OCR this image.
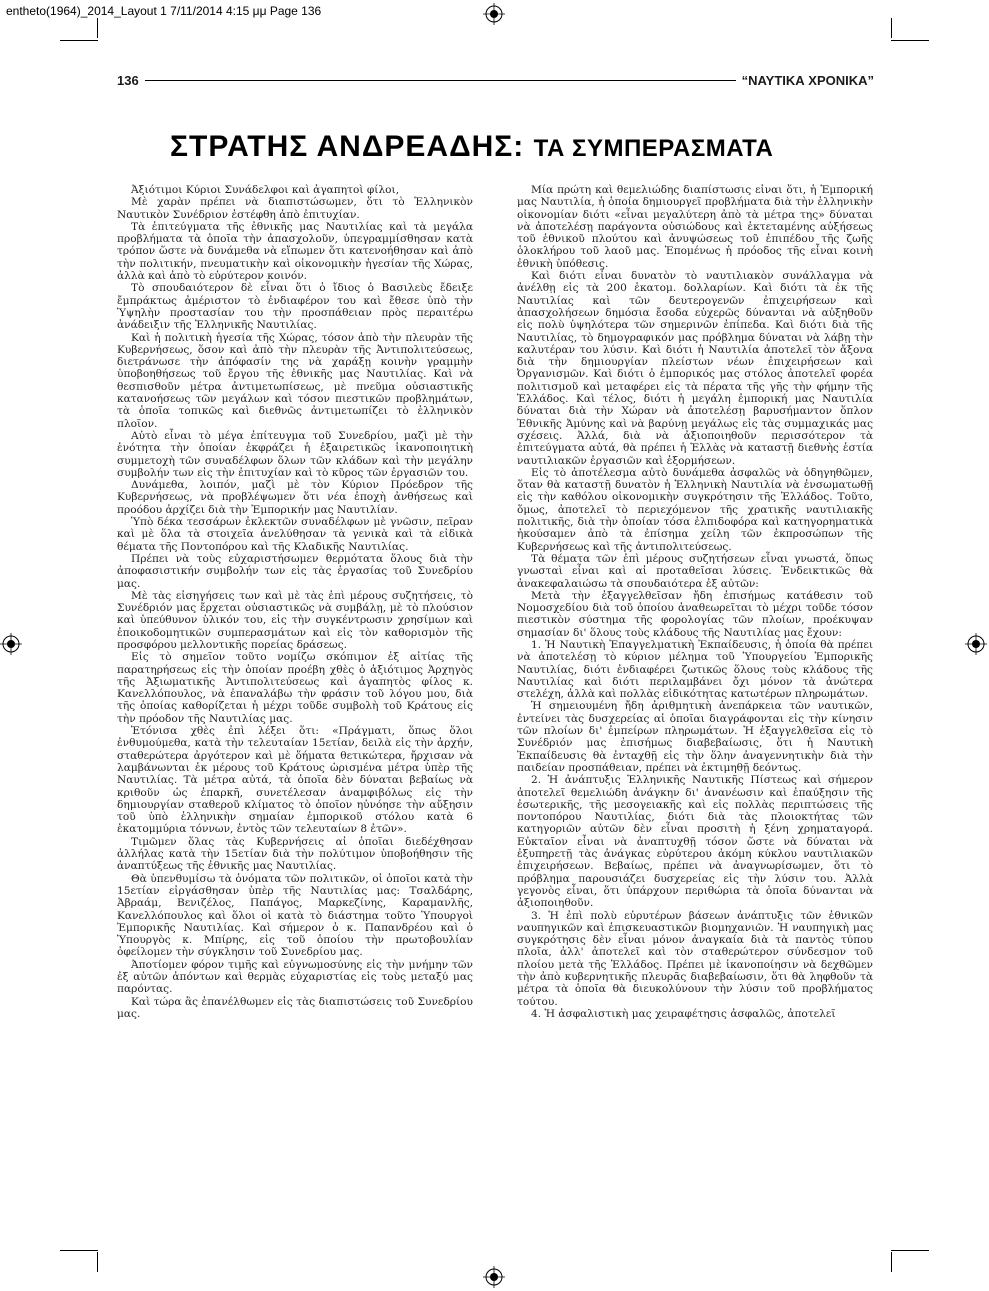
entheto(1964)_2014_Layout 1 7/11/2014 4:15 μμ Page 136
136	“ΝΑΥΤΙΚΑ ΧΡΟΝΙΚΑ”
ΣΤΡΑΤΗΣ ΑΝΔΡΕΑΔΗΣ: ΤΑ ΣΥΜΠΕΡΑΣΜΑΤΑ

Ἀξιότιμοι Κύριοι Συνάδελφοι καὶ ἀγαπητοὶ φίλοι,

Μὲ χαρὰν πρέπει νὰ διαπιστώσωμεν, ὅτι τὸ Ἑλληνικὸν Ναυτικὸν Συνέδριον ἐστέφθη ἀπὸ ἐπιτυχίαν.

Τὰ ἐπιτεύγματα τῆς ἐθνικῆς μας Ναυτιλίας καὶ τὰ μεγάλα προβλήματα τὰ ὁποῖα τὴν ἀπασχολοῦν, ὑπεγραμμίσθησαν κατὰ τρόπον ὥστε νὰ δυνάμεθα νὰ εἴπωμεν ὅτι κατενοήθησαν καὶ ἀπὸ τὴν πολιτικήν, πνευματικὴν καὶ οἰκονομικὴν ἡγεσίαν τῆς Χώρας, ἀλλὰ καὶ ἀπὸ τὸ εὐρύτερον κοινόν.

Τὸ σπουδαιότερον δὲ εἶναι ὅτι ὁ ἴδιος ὁ Βασιλεὺς ἔδειξε ἔμπράκτως ἀμέριστον τὸ ἐνδιαφέρον του καὶ ἔθεσε ὑπὸ τὴν Ὑψηλὴν προστασίαν του τὴν προσπάθειαν πρὸς περαιτέρω ἀνάδειξιν τῆς Ἑλληνικῆς Ναυτιλίας.

Καὶ ἡ πολιτικὴ ἡγεσία τῆς Χώρας, τόσον ἀπὸ τὴν πλευρὰν τῆς Κυβερνήσεως, ὅσον καὶ ἀπὸ τὴν πλευρὰν τῆς Ἀντιπολιτεύσεως, διετράνωσε τὴν ἀπόφασίν της νὰ χαράξῃ κοινὴν γραμμὴν ὑποβοηθήσεως τοῦ ἔργου τῆς ἐθνικῆς μας Ναυτιλίας. Καὶ νὰ θεσπισθοῦν μέτρα ἀντιμετωπίσεως, μὲ πνεῦμα οὐσιαστικῆς κατανοήσεως τῶν μεγάλων καὶ τόσον πιεστικῶν προβλημάτων, τὰ ὁποῖα τοπικῶς καὶ διεθνῶς ἀντιμετωπίζει τὸ ἑλληνικὸν πλοῖον.

Αὐτὸ εἶναι τὸ μέγα ἐπίτευγμα τοῦ Συνεδρίου, μαζὶ μὲ τὴν ἑνότητα τὴν ὁποίαν ἐκφράζει ἡ ἐξαιρετικῶς ἱκανοποιητικὴ συμμετοχὴ τῶν συναδέλφων ὅλων τῶν κλάδων καὶ τὴν μεγάλην συμβολήν των εἰς τὴν ἐπιτυχίαν καὶ τὸ κῦρος τῶν ἐργασιῶν του.

Δυνάμεθα, λοιπόν, μαζὶ μὲ τὸν Κύριον Πρόεδρον τῆς Κυβερνήσεως, νὰ προβλέψωμεν ὅτι νέα ἐποχὴ ἀνθήσεως καὶ προόδου ἀρχίζει διὰ τὴν Ἐμπορικήν μας Ναυτιλίαν.

Ὑπὸ δέκα τεσσάρων ἐκλεκτῶν συναδέλφων μὲ γνῶσιν, πεῖραν καὶ μὲ ὅλα τὰ στοιχεῖα ἀνελύθησαν τὰ γενικὰ καὶ τὰ εἰδικὰ θέματα τῆς Ποντοπόρου καὶ τῆς Κλαδικῆς Ναυτιλίας.

Πρέπει νὰ τοὺς εὐχαριστήσωμεν θερμότατα ὅλους διὰ τὴν ἀποφασιστικήν συμβολήν των εἰς τὰς ἐργασίας τοῦ Συνεδρίου μας.

Μὲ τὰς εἰσηγήσεις των καὶ μὲ τὰς ἐπὶ μέρους συζητήσεις, τὸ Συνέδριόν μας ἔρχεται οὐσιαστικῶς νὰ συμβάλῃ, μὲ τὸ πλούσιον καὶ ὑπεύθυνον ὑλικόν του, εἰς τὴν συγκέντρωσιν χρησίμων καὶ ἐποικοδομητικῶν συμπερασμάτων καὶ εἰς τὸν καθορισμὸν τῆς προσφόρου μελλοντικῆς πορείας δράσεως.

Εἰς τὸ σημεῖον τοῦτο νομίζω σκόπιμον ἐξ αἰτίας τῆς παρατηρήσεως εἰς τὴν ὁποίαν προέβη χθὲς ὁ ἀξιότιμος Ἀρχηγὸς τῆς Ἀξιωματικῆς Ἀντιπολιτεύσεως καὶ ἀγαπητὸς φίλος κ. Κανελλόπουλος, νὰ ἐπαναλάβω τὴν φράσιν τοῦ λόγου μου, διὰ τῆς ὁποίας καθορίζεται ἡ μέχρι τοῦδε συμβολὴ τοῦ Κράτους εἰς τὴν πρόοδον τῆς Ναυτιλίας μας.

Ἐτόνισα χθὲς ἐπὶ λέξει ὅτι: «Πράγματι, ὅπως ὅλοι ἐνθυμούμεθα, κατὰ τὴν τελευταίαν 15ετίαν, δειλὰ εἰς τὴν ἀρχήν, σταθερώτερα ἀργότερον καὶ μὲ ὅήματα θετικώτερα, ἤρχισαν νὰ λαμβάνωνται ἐκ μέρους τοῦ Κράτους ὡρισμένα μέτρα ὑπὲρ τῆς Ναυτιλίας. Τὰ μέτρα αὐτά, τὰ ὁποῖα δὲν δύναται βεβαίως νὰ κριθοῦν ὡς ἐπαρκῆ, συνετέλεσαν ἀναμφιβόλως εἰς τὴν δημιουργίαν σταθεροῦ κλίματος τὸ ὁποῖον ηὐνόησε τὴν αὔξησιν τοῦ ὑπὸ ἑλληνικὴν σημαίαν ἐμπορικοῦ στόλου κατὰ 6 ἑκατομμύρια τόννων, ἐντὸς τῶν τελευταίων 8 ἐτῶν».

Τιμῶμεν ὅλας τὰς Κυβερνήσεις αἱ ὁποῖαι διεδέχθησαν ἀλλήλας κατὰ τὴν 15ετίαν διὰ τὴν πολύτιμον ὑποβοήθησιν τῆς ἀναπτύξεως τῆς ἐθνικῆς μας Ναυτιλίας.

Θὰ ὑπενθυμίσω τὰ ὀνόματα τῶν πολιτικῶν, οἱ ὁποῖοι κατὰ τὴν 15ετίαν εἰργάσθησαν ὑπὲρ τῆς Ναυτιλίας μας: Τσαλδάρης, Ἀβραάμ, Βενιζέλος, Παπάγος, Μαρκεζίνης, Καραμανλῆς, Κανελλόπουλος καὶ ὅλοι οἱ κατὰ τὸ διάστημα τοῦτο Ὑπουργοὶ Ἐμπορικῆς Ναυτιλίας. Καὶ σήμερον ὁ κ. Παπανδρέου καὶ ὁ Ὑπουργὸς κ. Μπίρης, εἰς τοῦ ὁποίου τὴν πρωτοβουλίαν ὀφείλομεν τὴν σύγκλησιν τοῦ Συνεδρίου μας.

Ἀποτίομεν φόρον τιμῆς καὶ εὐγνωμοσύνης εἰς τὴν μνήμην τῶν ἐξ αὐτῶν ἀπόντων καὶ θερμὰς εὐχαριστίας εἰς τοὺς μεταξύ μας παρόντας.

Καὶ τώρα ἂς ἐπανέλθωμεν εἰς τὰς διαπιστώσεις τοῦ Συνεδρίου μας.

Μία πρώτη καὶ θεμελιώδης διαπίστωσις εἶναι ὅτι, ἡ Ἐμπορική μας Ναυτιλία, ἡ ὁποία δημιουργεῖ προβλήματα διὰ τὴν ἑλληνικὴν οἰκονομίαν διότι «εἶναι μεγαλύτερη ἀπὸ τὰ μέτρα της» δύναται νὰ ἀποτελέσῃ παράγοντα οὐσιώδους καὶ ἐκτεταμένης αὐξήσεως τοῦ ἐθνικοῦ πλούτου καὶ ἀνυψώσεως τοῦ ἐπιπέδου τῆς ζωῆς ὁλοκλήρου τοῦ λαοῦ μας. Ἑπομένως ἡ πρόοδος τῆς εἶναι κοινὴ ἐθνικὴ ὑπόθεσις.

Καὶ διότι εἶναι δυνατὸν τὸ ναυτιλιακὸν συνάλλαγμα νὰ ἀνέλθῃ εἰς τὰ 200 ἑκατομ. δολλαρίων. Καὶ διότι τὰ ἐκ τῆς Ναυτιλίας καὶ τῶν δευτερογενῶν ἐπιχειρήσεων καὶ ἀπασχολήσεων δημόσια ἔσοδα εὐχερῶς δύνανται νὰ αὐξηθοῦν εἰς πολὺ ὑψηλότερα τῶν σημερινῶν ἐπίπεδα. Καὶ διότι διὰ τῆς Ναυτιλίας, τὸ δημογραφικόν μας πρόβλημα δύναται νὰ λάβῃ τὴν καλυτέραν του λύσιν. Καὶ διότι ἡ Ναυτιλία ἀποτελεῖ τὸν ἄξονα διὰ τὴν δημιουργίαν πλείστων νέων ἐπιχειρήσεων καὶ Ὀργανισμῶν. Καὶ διότι ὁ ἐμπορικός μας στόλος ἀποτελεῖ φορέα πολιτισμοῦ καὶ μεταφέρει εἰς τὰ πέρατα τῆς γῆς τὴν φήμην τῆς Ἑλλάδος. Καὶ τέλος, διότι ἡ μεγάλη ἐμπορική μας Ναυτιλία δύναται διὰ τὴν Χώραν νὰ ἀποτελέσῃ βαρυσήμαντον ὅπλον Ἐθνικῆς Ἀμύνης καὶ νὰ βαρύνῃ μεγάλως εἰς τὰς συμμαχικάς μας σχέσεις. Ἀλλά, διὰ νὰ ἀξιοποιηθοῦν περισσότερον τὰ ἐπιτεύγματα αὐτά, θὰ πρέπει ἡ Ἑλλὰς νὰ καταστῇ διεθνὴς ἑστία ναυτιλιακῶν ἐργασιῶν καὶ ἐξορμήσεων.

Εἰς τὸ ἀποτέλεσμα αὐτὸ δυνάμεθα ἀσφαλῶς νὰ ὁδηγηθῶμεν, ὅταν θὰ καταστῇ δυνατὸν ἡ Ἑλληνικὴ Ναυτιλία νὰ ἐνσωματωθῇ εἰς τὴν καθόλου οἰκονομικὴν συγκρότησιν τῆς Ἑλλάδος. Τοῦτο, ὅμως, ἀποτελεῖ τὸ περιεχόμενον τῆς χρατικῆς ναυτιλιακῆς πολιτικῆς, διὰ τὴν ὁποίαν τόσα ἐλπιδοφόρα καὶ κατηγορηματικὰ ἠκούσαμεν ἀπὸ τὰ ἐπίσημα χείλη τῶν ἐκπροσώπων τῆς Κυβερνήσεως καὶ τῆς ἀντιπολιτεύσεως.

Τὰ θέματα τῶν ἐπὶ μέρους συζητήσεων εἶναι γνωστά, ὅπως γνωσταὶ εἶναι καὶ αἱ προταθεῖσαι λύσεις. Ἐνδεικτικῶς θὰ ἀνακεφαλαιώσω τὰ σπουδαιότερα ἐξ αὐτῶν:

Μετὰ τὴν ἐξαγγελθεῖσαν ἤδη ἐπισήμως κατάθεσιν τοῦ Νομοσχεδίου διὰ τοῦ ὁποίου ἀναθεωρεῖται τὸ μέχρι τοῦδε τόσον πιεστικὸν σύστημα τῆς φορολογίας τῶν πλοίων, προέκυψαν σημασίαν δι' ὅλους τοὺς κλάδους τῆς Ναυτιλίας μας ἔχουν:

1. Ἡ Ναυτικὴ Ἐπαγγελματικὴ Ἐκπαίδευσις, ἡ ὁποία θὰ πρέπει νὰ ἀποτελέσῃ τὸ κύριον μέλημα τοῦ Ὑπουργείου Ἐμπορικῆς Ναυτιλίας, διότι ἐνδιαφέρει ζωτικῶς ὅλους τοὺς κλάδους τῆς Ναυτιλίας καὶ διότι περιλαμβάνει ὄχι μόνον τὰ ἀνώτερα στελέχη, ἀλλὰ καὶ πολλὰς εἰδικότητας κατωτέρων πληρωμάτων.

Ἡ σημειουμένη ἤδη ἀριθμητικὴ ἀνεπάρκεια τῶν ναυτικῶν, ἐντείνει τὰς δυσχερείας αἱ ὁποῖαι διαγράφονται εἰς τὴν κίνησιν τῶν πλοίων δι' ἐμπείρων πληρωμάτων. Ἡ ἐξαγγελθεῖσα εἰς τὸ Συνέδριόν μας ἐπισήμως διαβεβαίωσις, ὅτι ἡ Ναυτικὴ Ἐκπαίδευσις θὰ ἐνταχθῇ εἰς τὴν ὅλην ἀναγεννητικὴν διὰ τὴν παιδείαν προσπάθειαν, πρέπει νὰ ἐκτιμηθῇ δεόντως.

2. Ἡ ἀνάπτυξις Ἑλληνικῆς Ναυτικῆς Πίστεως καὶ σήμερον ἀποτελεῖ θεμελιώδη ἀνάγκην δι' ἀνανέωσιν καὶ ἐπαύξησιν τῆς ἐσωτερικῆς, τῆς μεσογειακῆς καὶ εἰς πολλὰς περιπτώσεις τῆς ποντοπόρου Ναυτιλίας, διότι διὰ τὰς πλοιοκτήτας τῶν κατηγοριῶν αὐτῶν δὲν εἶναι προσιτὴ ἡ ξένη χρηματαγορά. Εὐκταῖον εἶναι νὰ ἀναπτυχθῇ τόσον ὥστε νὰ δύναται νὰ ἐξυπηρετῇ τὰς ἀνάγκας εὐρύτερου ἀκόμη κύκλου ναυτιλιακῶν ἐπιχειρήσεων. Βεβαίως, πρέπει νὰ ἀναγνωρίσωμεν, ὅτι τὸ πρόβλημα παρουσιάζει δυσχερείας εἰς τὴν λύσιν του. Ἀλλὰ γεγονὸς εἶναι, ὅτι ὑπάρχουν περιθώρια τὰ ὁποῖα δύνανται νὰ ἀξιοποιηθοῦν.

3. Ἡ ἐπὶ πολὺ εὐρυτέρων βάσεων ἀνάπτυξις τῶν ἐθνικῶν ναυπηγικῶν καὶ ἐπισκευαστικῶν βιομηχανιῶν. Ἡ ναυπηγικὴ μας συγκρότησις δὲν εἶναι μόνον ἀναγκαία διὰ τὰ παντὸς τύπου πλοῖα, ἀλλ' ἀποτελεῖ καὶ τὸν σταθερώτερον σύνδεσμον τοῦ πλοίου μετὰ τῆς Ἑλλάδος. Πρέπει μὲ ἱκανοποίησιν νὰ δεχθῶμεν τὴν ἀπὸ κυβερνητικῆς πλευρᾶς διαβεβαίωσιν, ὅτι θὰ ληφθοῦν τὰ μέτρα τὰ ὁποῖα θὰ διευκολύνουν τὴν λύσιν τοῦ προβλήματος τούτου.

4. Ἡ ἀσφαλιστικὴ μας χειραφέτησις ἀσφαλῶς, ἀποτελεῖ
